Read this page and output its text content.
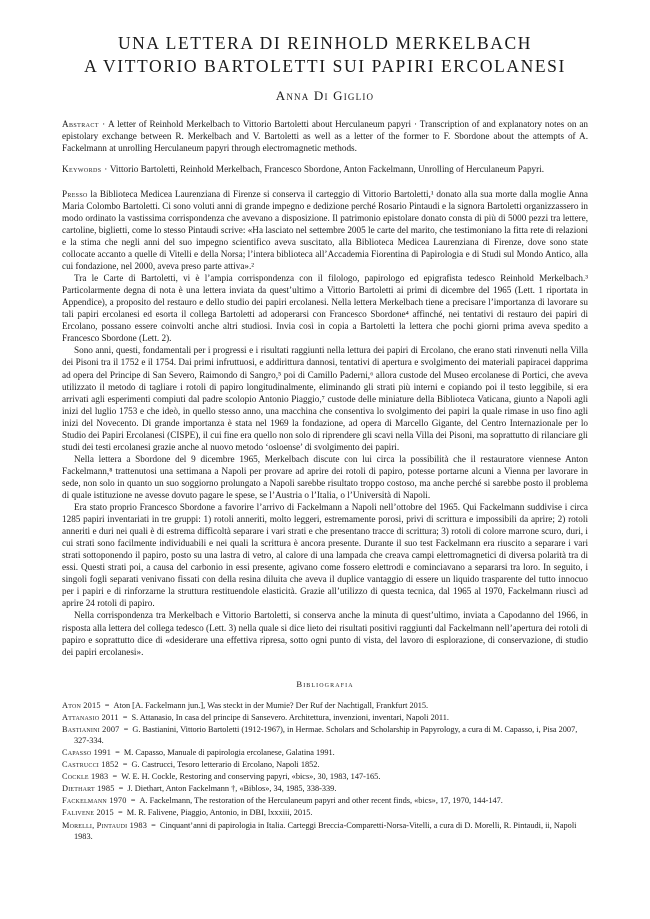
UNA LETTERA DI REINHOLD MERKELBACH
A VITTORIO BARTOLETTI SUI PAPIRI ERCOLANESI
Anna Di Giglio
Abstract · A letter of Reinhold Merkelbach to Vittorio Bartoletti about Herculaneum papyri · Transcription of and explanatory notes on an epistolary exchange between R. Merkelbach and V. Bartoletti as well as a letter of the former to F. Sbordone about the attempts of A. Fackelmann at unrolling Herculaneum papyri through electromagnetic methods.
Keywords · Vittorio Bartoletti, Reinhold Merkelbach, Francesco Sbordone, Anton Fackelmann, Unrolling of Herculaneum Papyri.

Presso la Biblioteca Medicea Laurenziana di Firenze si conserva il carteggio di Vittorio Bartoletti,¹ donato alla sua morte dalla moglie Anna Maria Colombo Bartoletti. Ci sono voluti anni di grande impegno e dedizione perché Rosario Pintaudi e la signora Bartoletti organizzassero in modo ordinato la vastissima corrispondenza che avevano a disposizione. Il patrimonio epistolare donato consta di più di 5000 pezzi tra lettere, cartoline, biglietti, come lo stesso Pintaudi scrive: «Ha lasciato nel settembre 2005 le carte del marito, che testimoniano la fitta rete di relazioni e la stima che negli anni del suo impegno scientifico aveva suscitato, alla Biblioteca Medicea Laurenziana di Firenze, dove sono state collocate accanto a quelle di Vitelli e della Norsa; l’intera biblioteca all’Accademia Fiorentina di Papirologia e di Studi sul Mondo Antico, alla cui fondazione, nel 2000, aveva preso parte attiva».²

Tra le Carte di Bartoletti, vi è l’ampia corrispondenza con il filologo, papirologo ed epigrafista tedesco Reinhold Merkelbach.³ Particolarmente degna di nota è una lettera inviata da quest’ultimo a Vittorio Bartoletti ai primi di dicembre del 1965 (Lett. 1 riportata in Appendice), a proposito del restauro e dello studio dei papiri ercolanesi. Nella lettera Merkelbach tiene a precisare l’importanza di lavorare su tali papiri ercolanesi ed esorta il collega Bartoletti ad adoperarsi con Francesco Sbordone⁴ affinché, nei tentativi di restauro dei papiri di Ercolano, possano essere coinvolti anche altri studiosi. Invia così in copia a Bartoletti la lettera che pochi giorni prima aveva spedito a Francesco Sbordone (Lett. 2).

Sono anni, questi, fondamentali per i progressi e i risultati raggiunti nella lettura dei papiri di Ercolano, che erano stati rinvenuti nella Villa dei Pisoni tra il 1752 e il 1754. Dai primi infruttuosi, e addirittura dannosi, tentativi di apertura e svolgimento dei materiali papiracei dapprima ad opera del Principe di San Severo, Raimondo di Sangro,⁵ poi di Camillo Paderni,⁶ allora custode del Museo ercolanese di Portici, che aveva utilizzato il metodo di tagliare i rotoli di papiro longitudinalmente, eliminando gli strati più interni e copiando poi il testo leggibile, si era arrivati agli esperimenti compiuti dal padre scolopio Antonio Piaggio,⁷ custode delle miniature della Biblioteca Vaticana, giunto a Napoli agli inizi del luglio 1753 e che ideò, in quello stesso anno, una macchina che consentiva lo svolgimento dei papiri la quale rimase in uso fino agli inizi del Novecento. Di grande importanza è stata nel 1969 la fondazione, ad opera di Marcello Gigante, del Centro Internazionale per lo Studio dei Papiri Ercolanesi (CISPE), il cui fine era quello non solo di riprendere gli scavi nella Villa dei Pisoni, ma soprattutto di rilanciare gli studi dei testi ercolanesi grazie anche al nuovo metodo ‘osloense’ di svolgimento dei papiri.

Nella lettera a Sbordone del 9 dicembre 1965, Merkelbach discute con lui circa la possibilità che il restauratore viennese Anton Fackelmann,⁸ trattenutosi una settimana a Napoli per provare ad aprire dei rotoli di papiro, potesse portarne alcuni a Vienna per lavorare in sede, non solo in quanto un suo soggiorno prolungato a Napoli sarebbe risultato troppo costoso, ma anche perché si sarebbe posto il problema di quale istituzione ne avesse dovuto pagare le spese, se l’Austria o l’Italia, o l’Università di Napoli.

Era stato proprio Francesco Sbordone a favorire l’arrivo di Fackelmann a Napoli nell’ottobre del 1965. Qui Fackelmann suddivise i circa 1285 papiri inventariati in tre gruppi: 1) rotoli anneriti, molto leggeri, estremamente porosi, privi di scrittura e impossibili da aprire; 2) rotoli anneriti e duri nei quali è di estrema difficoltà separare i vari strati e che presentano tracce di scrittura; 3) rotoli di colore marrone scuro, duri, i cui strati sono facilmente individuabili e nei quali la scrittura è ancora presente. Durante il suo test Fackelmann era riuscito a separare i vari strati sottoponendo il papiro, posto su una lastra di vetro, al calore di una lampada che creava campi elettromagnetici di diversa polarità tra di essi. Questi strati poi, a causa del carbonio in essi presente, agivano come fossero elettrodi e cominciavano a separarsi tra loro. In seguito, i singoli fogli separati venivano fissati con della resina diluita che aveva il duplice vantaggio di essere un liquido trasparente del tutto innocuo per i papiri e di rinforzarne la struttura restituendole elasticità. Grazie all’utilizzo di questa tecnica, dal 1965 al 1970, Fackelmann riuscì ad aprire 24 rotoli di papiro.

Nella corrispondenza tra Merkelbach e Vittorio Bartoletti, si conserva anche la minuta di quest’ultimo, inviata a Capodanno del 1966, in risposta alla lettera del collega tedesco (Lett. 3) nella quale si dice lieto dei risultati positivi raggiunti dal Fackelmann nell’apertura dei rotoli di papiro e soprattutto dice di «desiderare una effettiva ripresa, sotto ogni punto di vista, del lavoro di esplorazione, di conservazione, di studio dei papiri ercolanesi».

Bibliografia
Aton 2015 = Aton [A. Fackelmann jun.], Was steckt in der Mumie? Der Ruf der Nachtigall, Frankfurt 2015.
Attanasio 2011 = S. Attanasio, In casa del principe di Sansevero. Architettura, invenzioni, inventari, Napoli 2011.
Bastianini 2007 = G. Bastianini, Vittorio Bartoletti (1912-1967), in Hermae. Scholars and Scholarship in Papyrology, a cura di M. Capasso, i, Pisa 2007, 327-334.
Capasso 1991 = M. Capasso, Manuale di papirologia ercolanese, Galatina 1991.
Castrucci 1852 = G. Castrucci, Tesoro letterario di Ercolano, Napoli 1852.
Cockle 1983 = W. E. H. Cockle, Restoring and conserving papyri, «bics», 30, 1983, 147-165.
Diethart 1985 = J. Diethart, Anton Fackelmann †, «Biblos», 34, 1985, 338-339.
Fackelmann 1970 = A. Fackelmann, The restoration of the Herculaneum papyri and other recent finds, «bics», 17, 1970, 144-147.
Falivene 2015 = M. R. Falivene, Piaggio, Antonio, in DBI, lxxxiii, 2015.
Morelli, Pintaudi 1983 = Cinquant’anni di papirologia in Italia. Carteggi Breccia-Comparetti-Norsa-Vitelli, a cura di D. Morelli, R. Pintaudi, ii, Napoli 1983.
